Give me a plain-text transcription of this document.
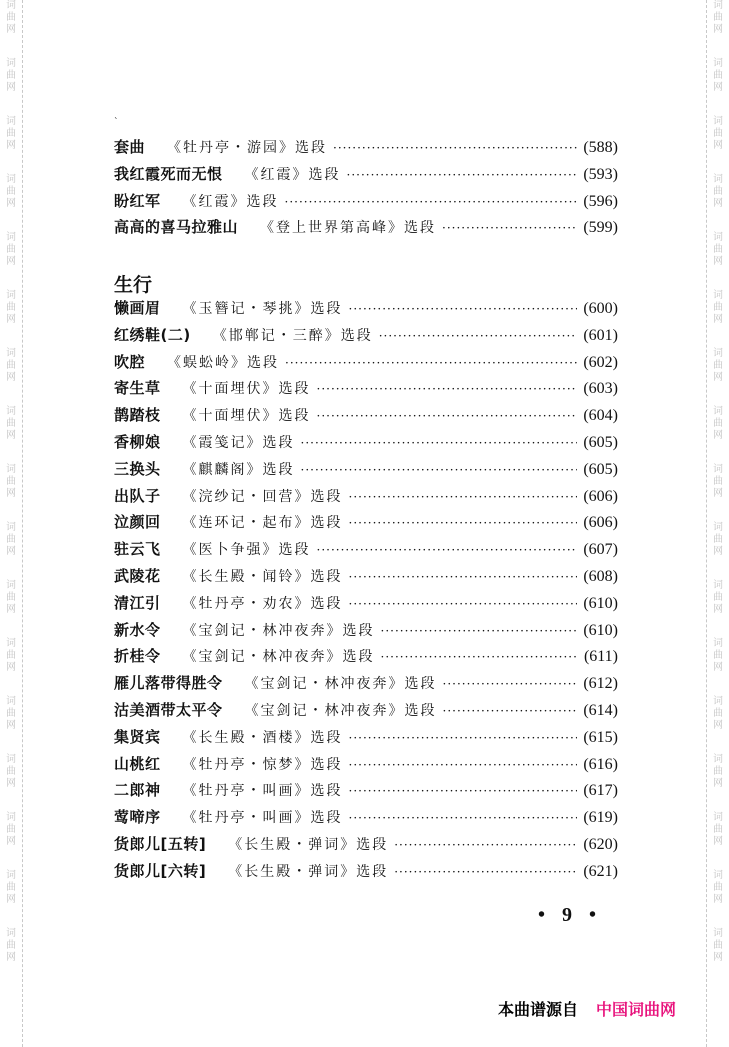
词
曲
网
词
曲
网
词
曲
网
词
曲
网
词
曲
网
词
曲
网
词
曲
网
词
曲
网
词
曲
网
词
曲
网
词
曲
网
词
曲
网
词
曲
网
词
曲
网
词
曲
网
词
曲
网
词
曲
网
词
曲
网
词
曲
网
词
曲
网
词
曲
网
词
曲
网
词
曲
网
词
曲
网
词
曲
网
词
曲
网
词
曲
网
词
曲
网
词
曲
网
词
曲
网
词
曲
网
词
曲
网
词
曲
网
词
曲
网
ˋ
套曲 《牡丹亭・游园》选段 ·····	(588)
我红霞死而无恨 《红霞》选段 ·····	(593)
盼红军 《红霞》选段 ·····	(596)
高高的喜马拉雅山 《登上世界第高峰》选段 ·····	(599)
生行
懒画眉 《玉簪记・琴挑》选段 ·····	(600)
红绣鞋(二) 《邯郸记・三醉》选段 ·····	(601)
吹腔 《蜈蚣岭》选段 ·····	(602)
寄生草 《十面埋伏》选段 ·····	(603)
鹊踏枝 《十面埋伏》选段 ·····	(604)
香柳娘 《霞笺记》选段 ·····	(605)
三换头 《麒麟阁》选段 ·····	(605)
出队子 《浣纱记・回营》选段 ·····	(606)
泣颜回 《连环记・起布》选段 ·····	(606)
驻云飞 《医卜争强》选段 ·····	(607)
武陵花 《长生殿・闻铃》选段 ·····	(608)
清江引 《牡丹亭・劝农》选段 ·····	(610)
新水令 《宝剑记・林冲夜奔》选段 ·····	(610)
折桂令 《宝剑记・林冲夜奔》选段 ·····	(611)
雁儿落带得胜令 《宝剑记・林冲夜奔》选段 ·····	(612)
沽美酒带太平令 《宝剑记・林冲夜奔》选段 ·····	(614)
集贤宾 《长生殿・酒楼》选段 ·····	(615)
山桃红 《牡丹亭・惊梦》选段 ·····	(616)
二郎神 《牡丹亭・叫画》选段 ·····	(617)
莺啼序 《牡丹亭・叫画》选段 ·····	(619)
货郎儿[五转] 《长生殿・弹词》选段 ·····	(620)
货郎儿[六转] 《长生殿・弹词》选段 ·····	(621)
• 9 •
本曲谱源自 中国词曲网
